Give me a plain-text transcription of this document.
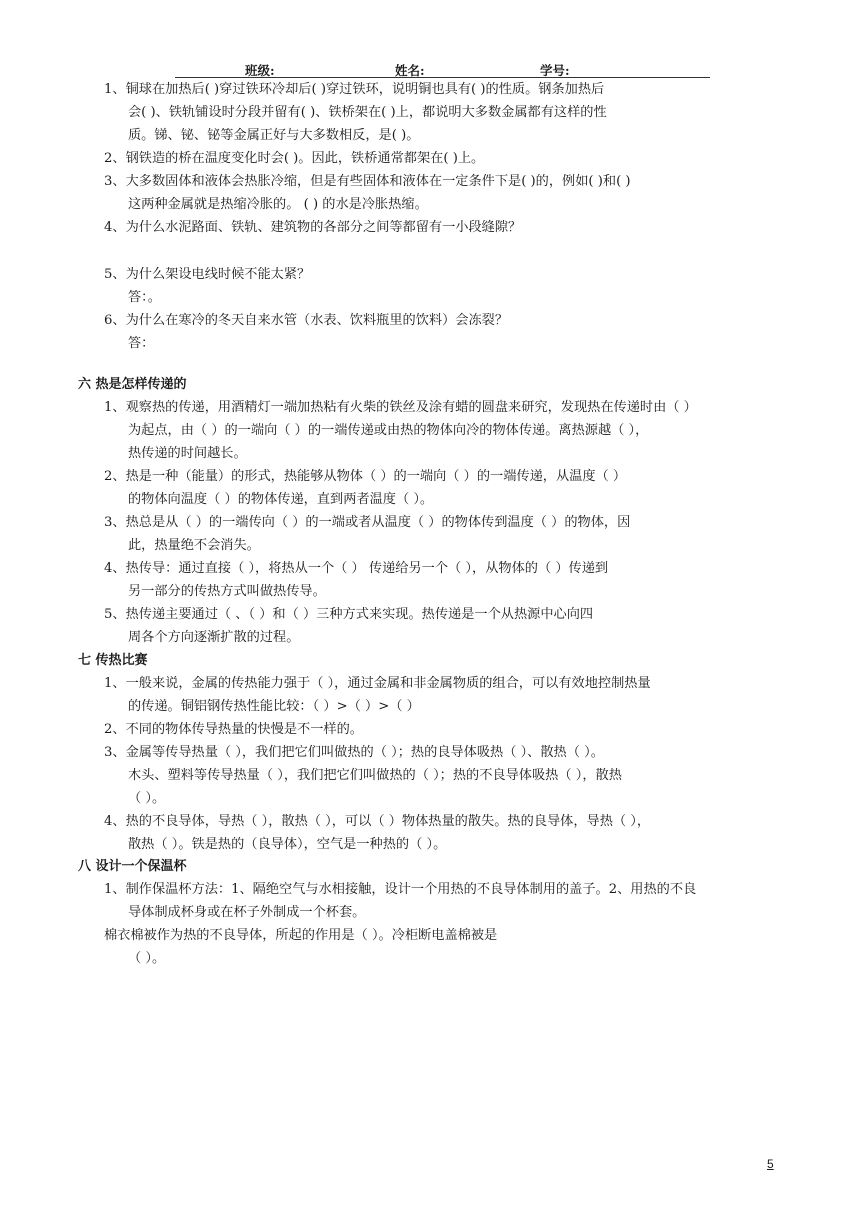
班级:	姓名:	学号:
1、铜球在加热后( )穿过铁环冷却后( )穿过铁环，说明铜也具有( )的性质。钢条加热后
会( )、铁轨铺设时分段并留有( )、铁桥架在( )上，都说明大多数金属都有这样的性
质。锑、铋、铋等金属正好与大多数相反，是( )。
2、钢铁造的桥在温度变化时会( )。因此，铁桥通常都架在( )上。
3、大多数固体和液体会热胀冷缩，但是有些固体和液体在一定条件下是( )的，例如( )和( )
这两种金属就是热缩冷胀的。 ( ) 的水是冷胀热缩。
4、为什么水泥路面、铁轨、建筑物的各部分之间等都留有一小段缝隙？
5、为什么架设电线时候不能太紧？
答：。
6、为什么在寒冷的冬天自来水管（水表、饮料瓶里的饮料）会冻裂？
答：
六 热是怎样传递的
1、观察热的传递，用酒精灯一端加热粘有火柴的铁丝及涂有蜡的圆盘来研究，发现热在传递时由（ ）
为起点，由（ ）的一端向（ ）的一端传递或由热的物体向冷的物体传递。离热源越（ ），
热传递的时间越长。
2、热是一种（能量）的形式，热能够从物体（ ）的一端向（ ）的一端传递，从温度（ ）
的物体向温度（ ）的物体传递，直到两者温度（ ）。
3、热总是从（ ）的一端传向（ ）的一端或者从温度（ ）的物体传到温度（ ）的物体，因
此，热量绝不会消失。
4、热传导：通过直接（ ），将热从一个（ ） 传递给另一个（ ），从物体的（ ）传递到
另一部分的传热方式叫做热传导。
5、热传递主要通过（ 、（ ）和（ ）三种方式来实现。热传递是一个从热源中心向四
周各个方向逐渐扩散的过程。
七 传热比赛
1、一般来说，金属的传热能力强于（ ），通过金属和非金属物质的组合，可以有效地控制热量
的传递。铜铝钢传热性能比较：（ ）>（ ）>（ ）
2、不同的物体传导热量的快慢是不一样的。
3、金属等传导热量（ ），我们把它们叫做热的（ ）；热的良导体吸热（ ）、散热（ ）。
木头、塑料等传导热量（ ），我们把它们叫做热的（ ）；热的不良导体吸热（ ），散热
（ ）。
4、热的不良导体，导热（ ），散热（ ），可以（ ）物体热量的散失。热的良导体，导热（ ），
散热（ ）。铁是热的（良导体），空气是一种热的（ ）。
八 设计一个保温杯
1、制作保温杯方法：1、隔绝空气与水相接触，设计一个用热的不良导体制用的盖子。2、用热的不良
导体制成杯身或在杯子外制成一个杯套。
棉衣棉被作为热的不良导体，所起的作用是（ ）。冷柜断电盖棉被是
（ ）。
5
